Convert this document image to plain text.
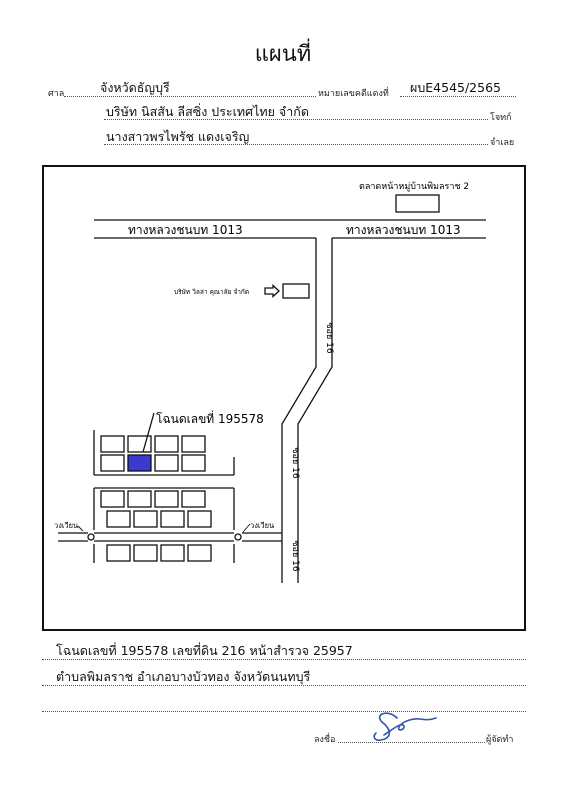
แผนที่
ศาล	จังหวัดธัญบุรี	หมายเลขคดีแดงที่ ผบE4545/2565
บริษัท นิสสัน ลีสซิ่ง ประเทศไทย จำกัด	โจทก์
นางสาวพรไพรัช แดงเจริญ	จำเลย
ตลาดหน้าหมู่บ้านพิมลราช 2
ทางหลวงชนบท 1013	ทางหลวงชนบท 1013
บริษัท วิลล่า คุณาลัย จำกัด
ซอย 16
ซอย 16
ซอย 16
โฉนดเลขที่ 195578
วงเวียน	วงเวียน
โฉนดเลขที่ 195578 เลขที่ดิน 216 หน้าสำรวจ 25957
ตำบลพิมลราช อำเภอบางบัวทอง จังหวัดนนทบุรี
ลงชื่อ	ผู้จัดทำ
